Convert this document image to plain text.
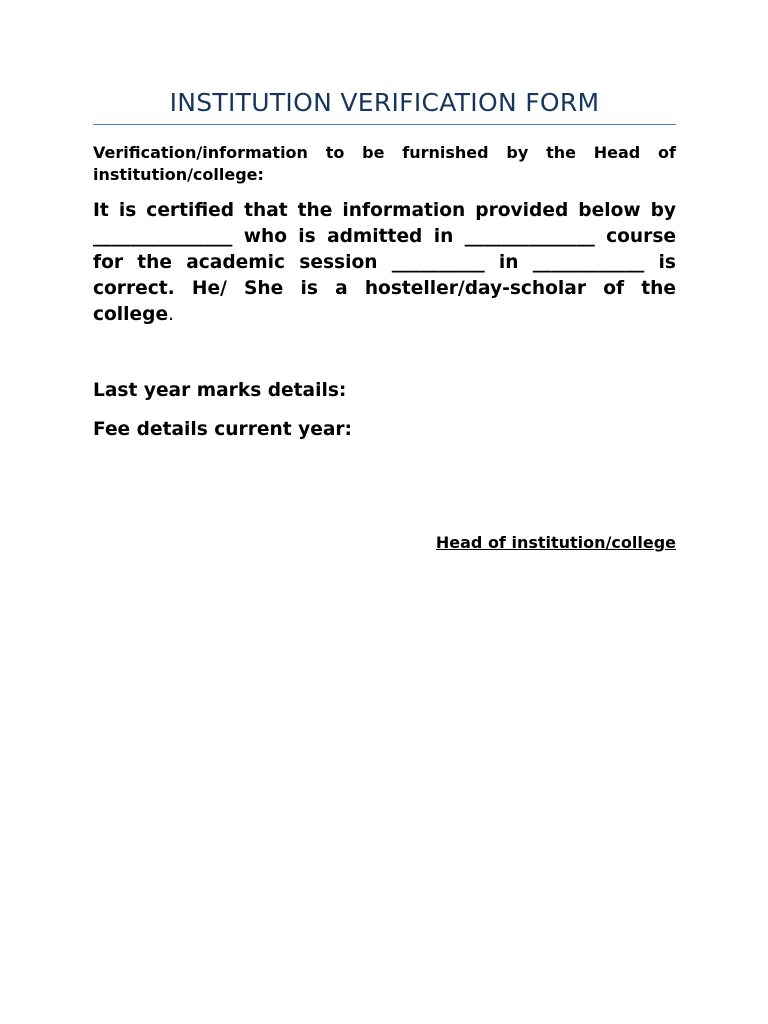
INSTITUTION VERIFICATION FORM

Verification/information to be furnished by the Head of institution/college:

It is certified that the information provided below by _______________ who is admitted in ______________ course for the academic session __________ in ____________ is correct. He/ She is a hosteller/day-scholar of the college.

Last year marks details:

Fee details current year:

Head of institution/college
